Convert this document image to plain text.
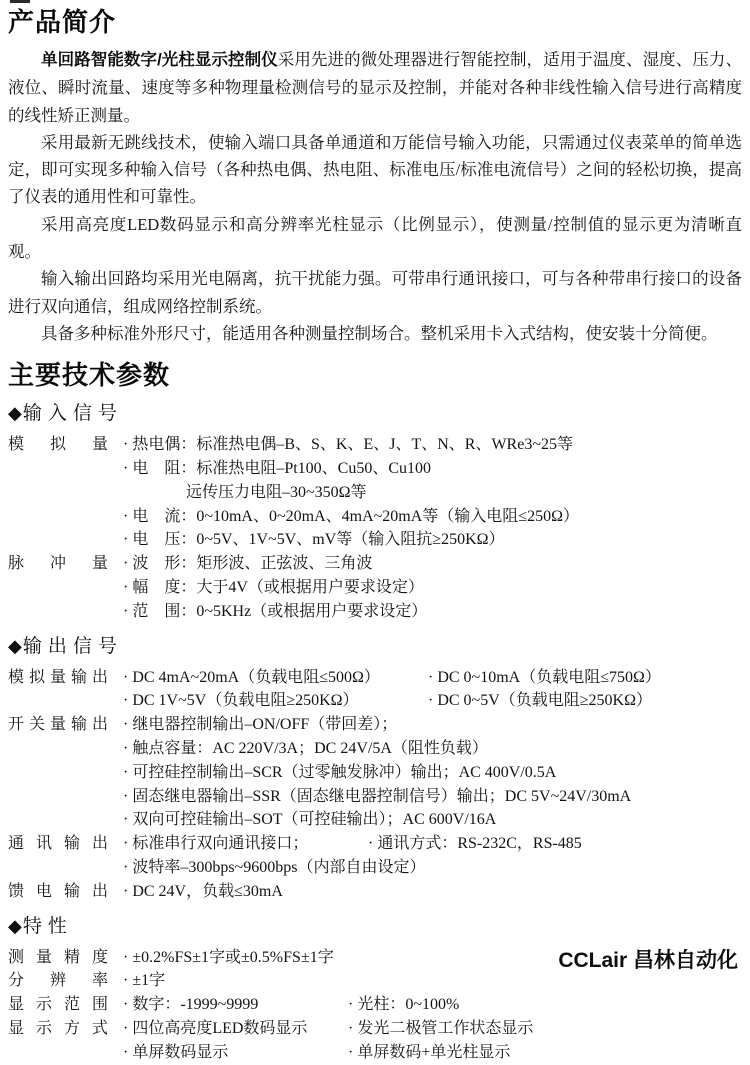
产品简介

单回路智能数字/光柱显示控制仪采用先进的微处理器进行智能控制，适用于温度、湿度、压力、液位、瞬时流量、速度等多种物理量检测信号的显示及控制，并能对各种非线性输入信号进行高精度的线性矫正测量。

采用最新无跳线技术，使输入端口具备单通道和万能信号输入功能，只需通过仪表菜单的简单选定，即可实现多种输入信号（各种热电偶、热电阻、标准电压/标准电流信号）之间的轻松切换，提高了仪表的通用性和可靠性。

采用高亮度LED数码显示和高分辨率光柱显示（比例显示），使测量/控制值的显示更为清晰直观。

输入输出回路均采用光电隔离，抗干扰能力强。可带串行通讯接口，可与各种带串行接口的设备进行双向通信，组成网络控制系统。

具备多种标准外形尺寸，能适用各种测量控制场合。整机采用卡入式结构，使安装十分简便。

主要技术参数
◆输入信号
模拟量 · 热电偶：标准热电偶–B、S、K、E、J、T、N、R、WRe3~25等
· 电　阻：标准热电阻–Pt100、Cu50、Cu100
远传压力电阻–30~350Ω等
· 电　流：0~10mA、0~20mA、4mA~20mA等（输入电阻≤250Ω）
· 电　压：0~5V、1V~5V、mV等（输入阻抗≥250KΩ）
脉冲量 · 波　形：矩形波、正弦波、三角波
· 幅　度：大于4V（或根据用户要求设定）
· 范　围：0~5KHz（或根据用户要求设定）
◆输出信号
模拟量输出 · DC 4mA~20mA（负载电阻≤500Ω）	· DC 0~10mA（负载电阻≤750Ω）
· DC 1V~5V（负载电阻≥250KΩ）	· DC 0~5V（负载电阻≥250KΩ）
开关量输出 · 继电器控制输出–ON/OFF（带回差）；
· 触点容量：AC 220V/3A；DC 24V/5A（阻性负载）
· 可控硅控制输出–SCR（过零触发脉冲）输出；AC 400V/0.5A
· 固态继电器输出–SSR（固态继电器控制信号）输出；DC 5V~24V/30mA
· 双向可控硅输出–SOT（可控硅输出）；AC 600V/16A
通讯输出 · 标准串行双向通讯接口；	· 通讯方式：RS-232C，RS-485
· 波特率–300bps~9600bps（内部自由设定）
馈电输出 · DC 24V，负载≤30mA
◆特性
测量精度 · ±0.2%FS±1字或±0.5%FS±1字
分辨率 · ±1字
显示范围 · 数字：-1999~9999	· 光柱：0~100%
显示方式 · 四位高亮度LED数码显示	· 发光二极管工作状态显示
· 单屏数码显示	· 单屏数码+单光柱显示
CCLair 昌林自动化
